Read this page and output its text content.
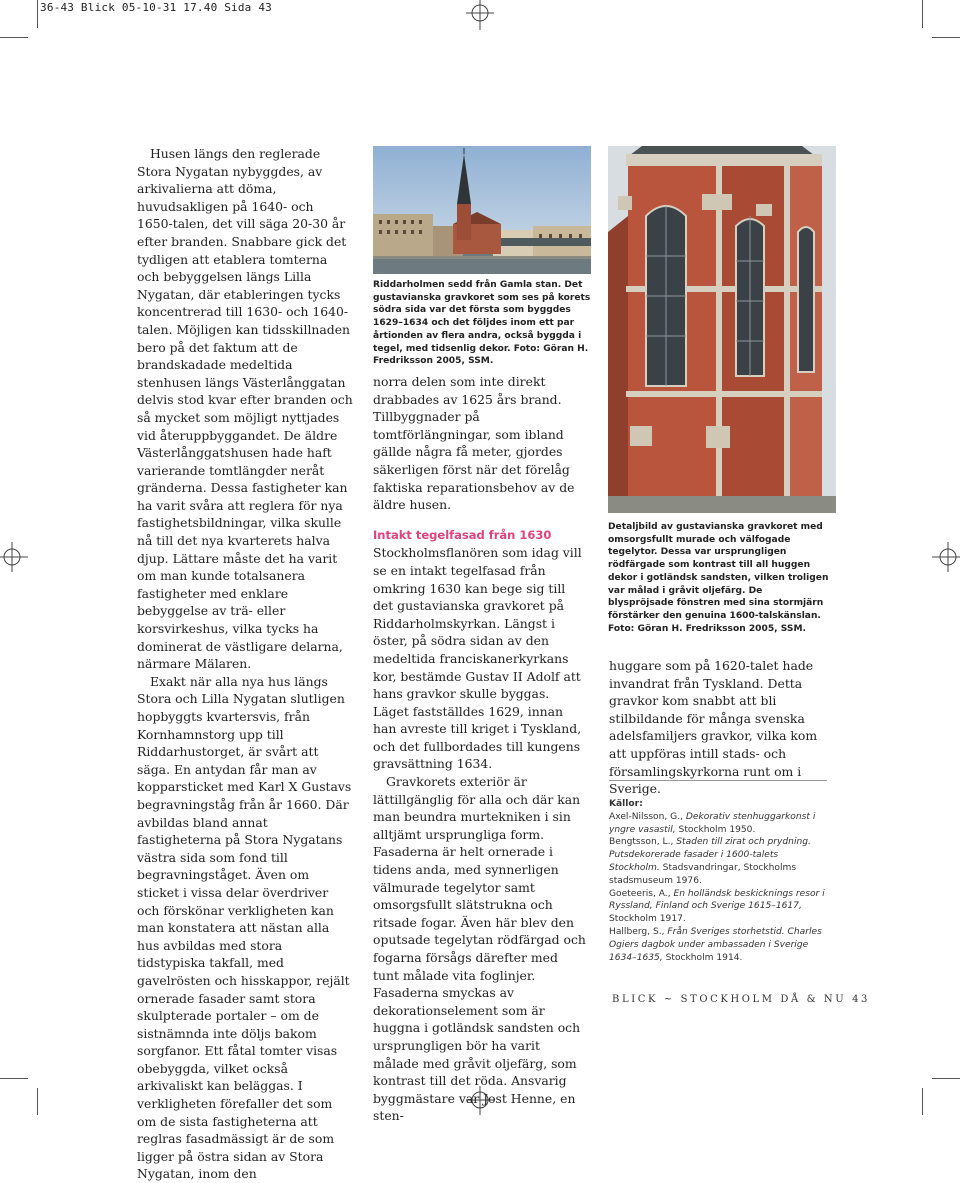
36-43 Blick 05-10-31 17.40 Sida 43

Husen längs den reglerade Stora Nygatan nybyggdes, av arkivalierna att döma, huvudsakligen på 1640- och 1650-talen, det vill säga 20-30 år efter branden. Snabbare gick det tydligen att etablera tomterna och bebyggelsen längs Lilla Nygatan, där etableringen tycks koncentrerad till 1630- och 1640-talen. Möjligen kan tidsskillnaden bero på det faktum att de brandskadade medeltida stenhusen längs Västerlånggatan delvis stod kvar efter branden och så mycket som möjligt nyttjades vid återuppbyggandet. De äldre Västerlånggatshusen hade haft varierande tomtlängder neråt gränderna. Dessa fastigheter kan ha varit svåra att reglera för nya fastighetsbildningar, vilka skulle nå till det nya kvarterets halva djup. Lättare måste det ha varit om man kunde totalsanera fastigheter med enklare bebyggelse av trä- eller korsvirkeshus, vilka tycks ha dominerat de västligare delarna, närmare Mälaren.

Exakt när alla nya hus längs Stora och Lilla Nygatan slutligen hopbyggts kvartersvis, från Kornhamnstorg upp till Riddarhustorget, är svårt att säga. En antydan får man av kopparsticket med Karl X Gustavs begravningståg från år 1660. Där avbildas bland annat fastigheterna på Stora Nygatans västra sida som fond till begravningståget. Även om sticket i vissa delar överdriver och förskönar verkligheten kan man konstatera att nästan alla hus avbildas med stora tidstypiska takfall, med gavelrösten och hisskappor, rejält ornerade fasader samt stora skulpterade portaler – om de sistnämnda inte döljs bakom sorgfanor. Ett fåtal tomter visas obebyggda, vilket också arkivaliskt kan beläggas. I verkligheten förefaller det som om de sista fastigheterna att reglras fasadmässigt är de som ligger på östra sidan av Stora Nygatan, inom den

Riddarholmen sedd från Gamla stan. Det gustavianska gravkoret som ses på korets södra sida var det första som byggdes 1629–1634 och det följdes inom ett par årtionden av flera andra, också byggda i tegel, med tidsenlig dekor. Foto: Göran H. Fredriksson 2005, SSM.

norra delen som inte direkt drabbades av 1625 års brand. Tillbyggnader på tomtförlängningar, som ibland gällde några få meter, gjordes säkerligen först när det förelåg faktiska reparationsbehov av de äldre husen.

Intakt tegelfasad från 1630

Stockholmsflanören som idag vill se en intakt tegelfasad från omkring 1630 kan bege sig till det gustavianska gravkoret på Riddarholmskyrkan. Längst i öster, på södra sidan av den medeltida franciskanerkyrkans kor, bestämde Gustav II Adolf att hans gravkor skulle byggas. Läget fastställdes 1629, innan han avreste till kriget i Tyskland, och det fullbordades till kungens gravsättning 1634.

Gravkorets exteriör är lättillgänglig för alla och där kan man beundra murtekniken i sin alltjämt ursprungliga form. Fasaderna är helt ornerade i tidens anda, med synnerligen välmurade tegelytor samt omsorgsfullt slätstrukna och ritsade fogar. Även här blev den oputsade tegelytan rödfärgad och fogarna försågs därefter med tunt målade vita foglinjer. Fasaderna smyckas av dekorationselement som är huggna i gotländsk sandsten och ursprungligen bör ha varit målade med gråvit oljefärg, som kontrast till det röda. Ansvarig byggmästare var Jost Henne, en sten-

Detaljbild av gustavianska gravkoret med omsorgsfullt murade och välfogade tegelytor. Dessa var ursprungligen rödfärgade som kontrast till all huggen dekor i gotländsk sandsten, vilken troligen var målad i gråvit oljefärg. De blyspröjsade fönstren med sina stormjärn förstärker den genuina 1600-talskänslan. Foto: Göran H. Fredriksson 2005, SSM.

huggare som på 1620-talet hade invandrat från Tyskland. Detta gravkor kom snabbt att bli stilbildande för många svenska adelsfamiljers gravkor, vilka kom att uppföras intill stads- och församlingskyrkorna runt om i Sverige.

Källor:
Axel-Nilsson, G., Dekorativ stenhuggarkonst i yngre vasastil, Stockholm 1950.
Bengtsson, L., Staden till zirat och prydning. Putsdekorerade fasader i 1600-talets Stockholm. Stadsvandringar, Stockholms stadsmuseum 1976.
Goeteeris, A., En holländsk beskicknings resor i Ryssland, Finland och Sverige 1615–1617, Stockholm 1917.
Hallberg, S., Från Sveriges storhetstid. Charles Ogiers dagbok under ambassaden i Sverige 1634–1635, Stockholm 1914.
BLICK ~ STOCKHOLM DÅ & NU 43
